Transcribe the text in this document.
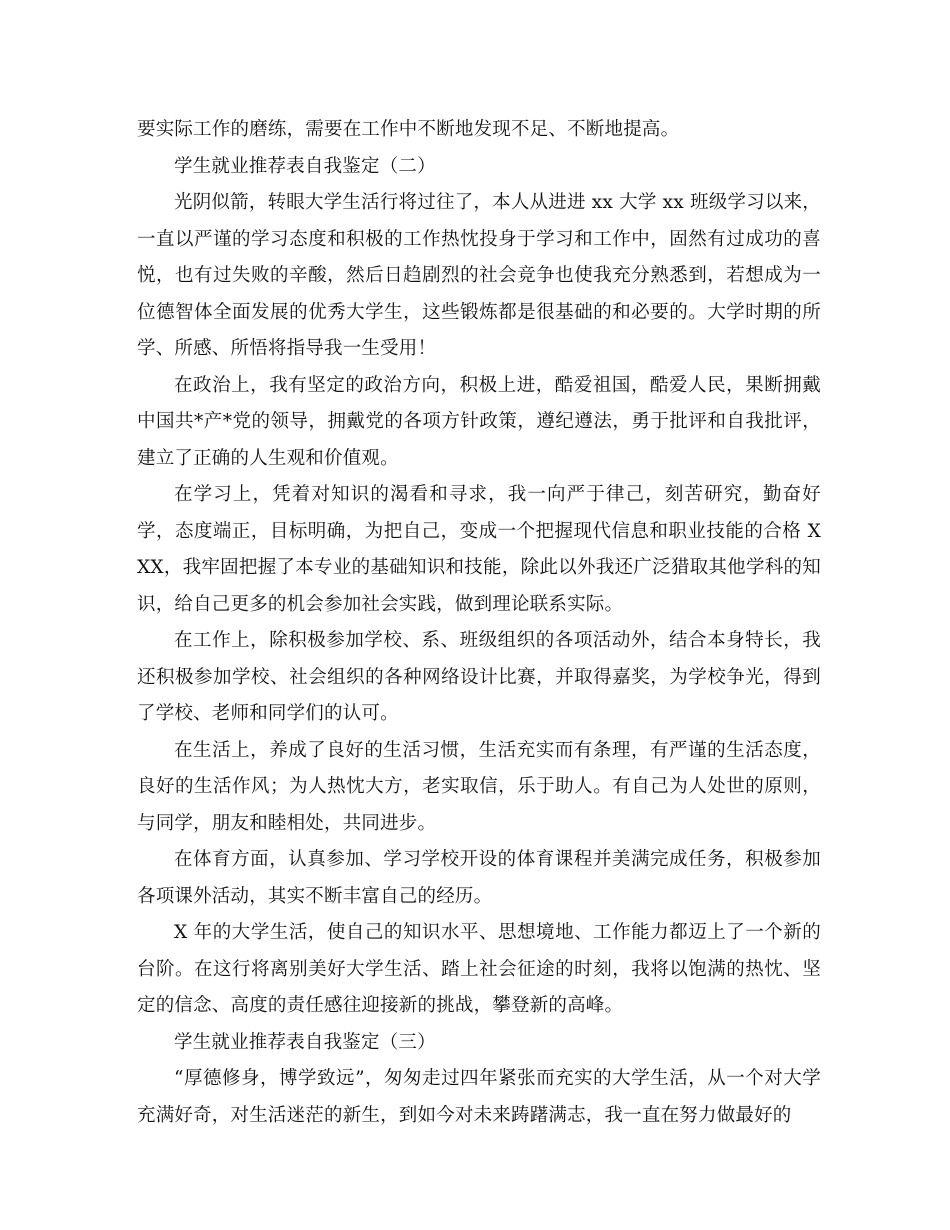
要实际工作的磨练，需要在工作中不断地发现不足、不断地提高。

学生就业推荐表自我鉴定（二）

光阴似箭，转眼大学生活行将过往了，本人从进进 xx 大学 xx 班级学习以来，一直以严谨的学习态度和积极的工作热忱投身于学习和工作中，固然有过成功的喜悦，也有过失败的辛酸，然后日趋剧烈的社会竞争也使我充分熟悉到，若想成为一位德智体全面发展的优秀大学生，这些锻炼都是很基础的和必要的。大学时期的所学、所感、所悟将指导我一生受用！

在政治上，我有坚定的政治方向，积极上进，酷爱祖国，酷爱人民，果断拥戴中国共*产*党的领导，拥戴党的各项方针政策，遵纪遵法，勇于批评和自我批评，建立了正确的人生观和价值观。

在学习上，凭着对知识的渴看和寻求，我一向严于律己，刻苦研究，勤奋好学，态度端正，目标明确，为把自己，变成一个把握现代信息和职业技能的合格 XXX，我牢固把握了本专业的基础知识和技能，除此以外我还广泛猎取其他学科的知识，给自己更多的机会参加社会实践，做到理论联系实际。

在工作上，除积极参加学校、系、班级组织的各项活动外，结合本身特长，我还积极参加学校、社会组织的各种网络设计比赛，并取得嘉奖，为学校争光，得到了学校、老师和同学们的认可。

在生活上，养成了良好的生活习惯，生活充实而有条理，有严谨的生活态度，良好的生活作风；为人热忱大方，老实取信，乐于助人。有自己为人处世的原则，与同学，朋友和睦相处，共同进步。

在体育方面，认真参加、学习学校开设的体育课程并美满完成任务，积极参加各项课外活动，其实不断丰富自己的经历。

X 年的大学生活，使自己的知识水平、思想境地、工作能力都迈上了一个新的台阶。在这行将离别美好大学生活、踏上社会征途的时刻，我将以饱满的热忱、坚定的信念、高度的责任感往迎接新的挑战，攀登新的高峰。

学生就业推荐表自我鉴定（三）

“厚德修身，博学致远”，匆匆走过四年紧张而充实的大学生活，从一个对大学充满好奇，对生活迷茫的新生，到如今对未来踌躇满志，我一直在努力做最好的
